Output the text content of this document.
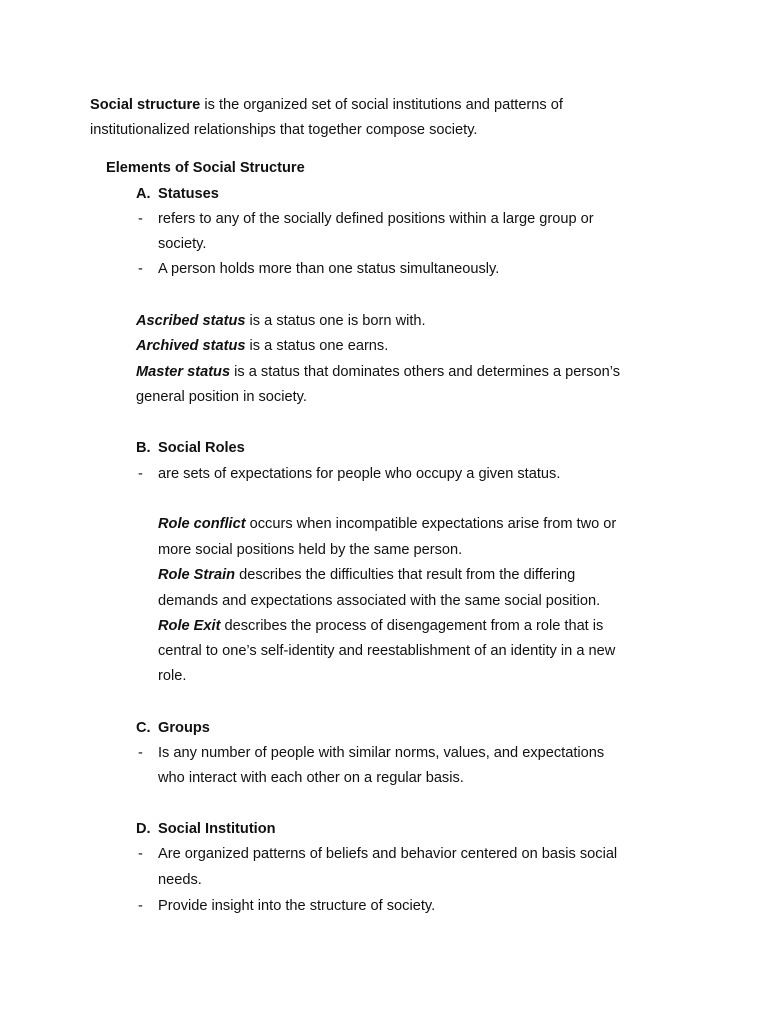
Social structure is the organized set of social institutions and patterns of
institutionalized relationships that together compose society.
Elements of Social Structure
A. Statuses
- refers to any of the socially defined positions within a large group or
society.
- A person holds more than one status simultaneously.
Ascribed status is a status one is born with.
Archived status is a status one earns.
Master status is a status that dominates others and determines a person’s
general position in society.
B. Social Roles
- are sets of expectations for people who occupy a given status.
Role conflict occurs when incompatible expectations arise from two or
more social positions held by the same person.
Role Strain describes the difficulties that result from the differing
demands and expectations associated with the same social position.
Role Exit describes the process of disengagement from a role that is
central to one’s self-identity and reestablishment of an identity in a new
role.
C. Groups
- Is any number of people with similar norms, values, and expectations
who interact with each other on a regular basis.
D. Social Institution
- Are organized patterns of beliefs and behavior centered on basis social
needs.
- Provide insight into the structure of society.
